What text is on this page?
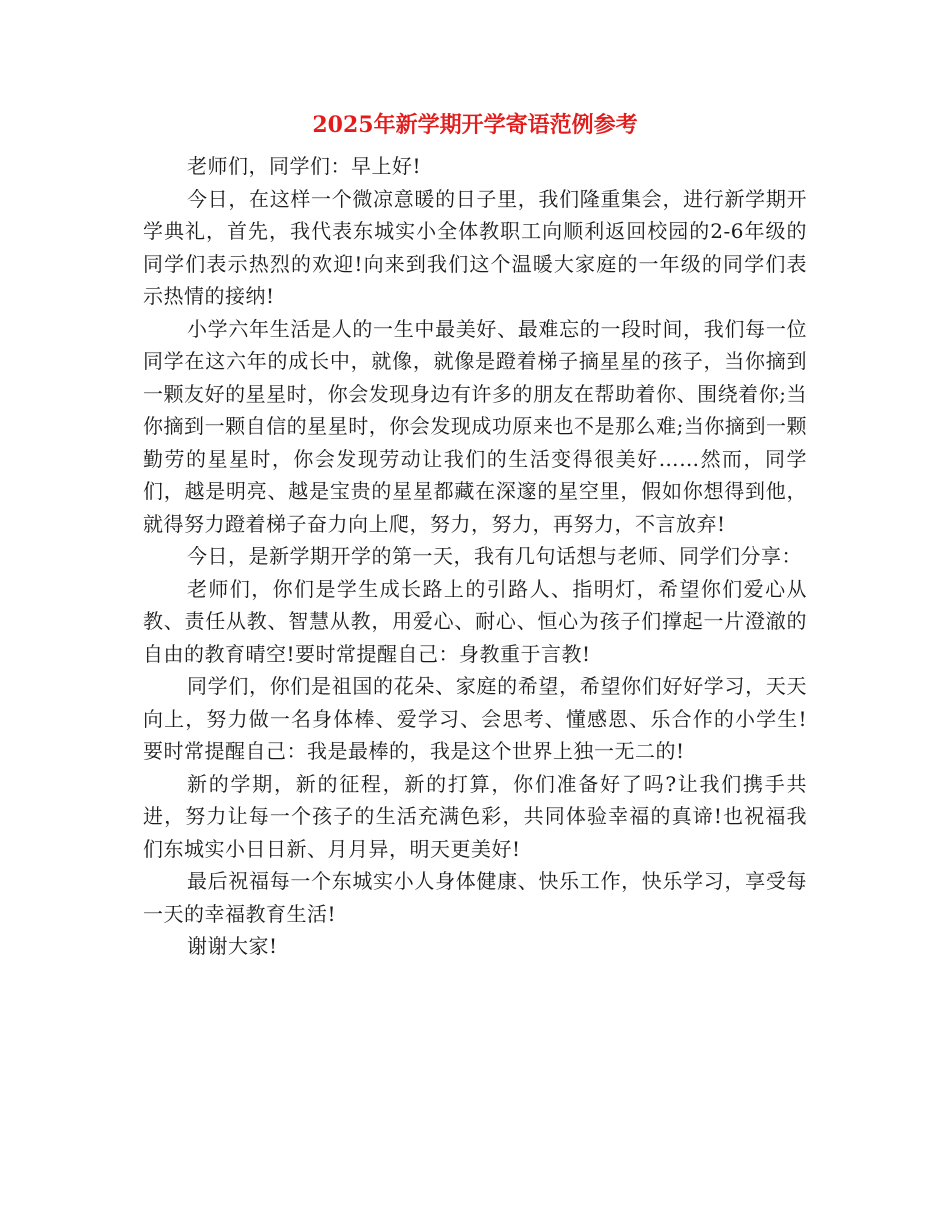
2025年新学期开学寄语范例参考

老师们，同学们：早上好!

今日，在这样一个微凉意暖的日子里，我们隆重集会，进行新学期开学典礼，首先，我代表东城实小全体教职工向顺利返回校园的2-6年级的同学们表示热烈的欢迎!向来到我们这个温暖大家庭的一年级的同学们表示热情的接纳!

小学六年生活是人的一生中最美好、最难忘的一段时间，我们每一位同学在这六年的成长中，就像，就像是蹬着梯子摘星星的孩子，当你摘到一颗友好的星星时，你会发现身边有许多的朋友在帮助着你、围绕着你;当你摘到一颗自信的星星时，你会发现成功原来也不是那么难;当你摘到一颗勤劳的星星时，你会发现劳动让我们的生活变得很美好……然而，同学们，越是明亮、越是宝贵的星星都藏在深邃的星空里，假如你想得到他，就得努力蹬着梯子奋力向上爬，努力，努力，再努力，不言放弃!

今日，是新学期开学的第一天，我有几句话想与老师、同学们分享：

老师们，你们是学生成长路上的引路人、指明灯，希望你们爱心从教、责任从教、智慧从教，用爱心、耐心、恒心为孩子们撑起一片澄澈的自由的教育晴空!要时常提醒自己：身教重于言教!

同学们，你们是祖国的花朵、家庭的希望，希望你们好好学习，天天向上，努力做一名身体棒、爱学习、会思考、懂感恩、乐合作的小学生!要时常提醒自己：我是最棒的，我是这个世界上独一无二的!

新的学期，新的征程，新的打算，你们准备好了吗?让我们携手共进，努力让每一个孩子的生活充满色彩，共同体验幸福的真谛!也祝福我们东城实小日日新、月月异，明天更美好!

最后祝福每一个东城实小人身体健康、快乐工作，快乐学习，享受每一天的幸福教育生活!

谢谢大家!
